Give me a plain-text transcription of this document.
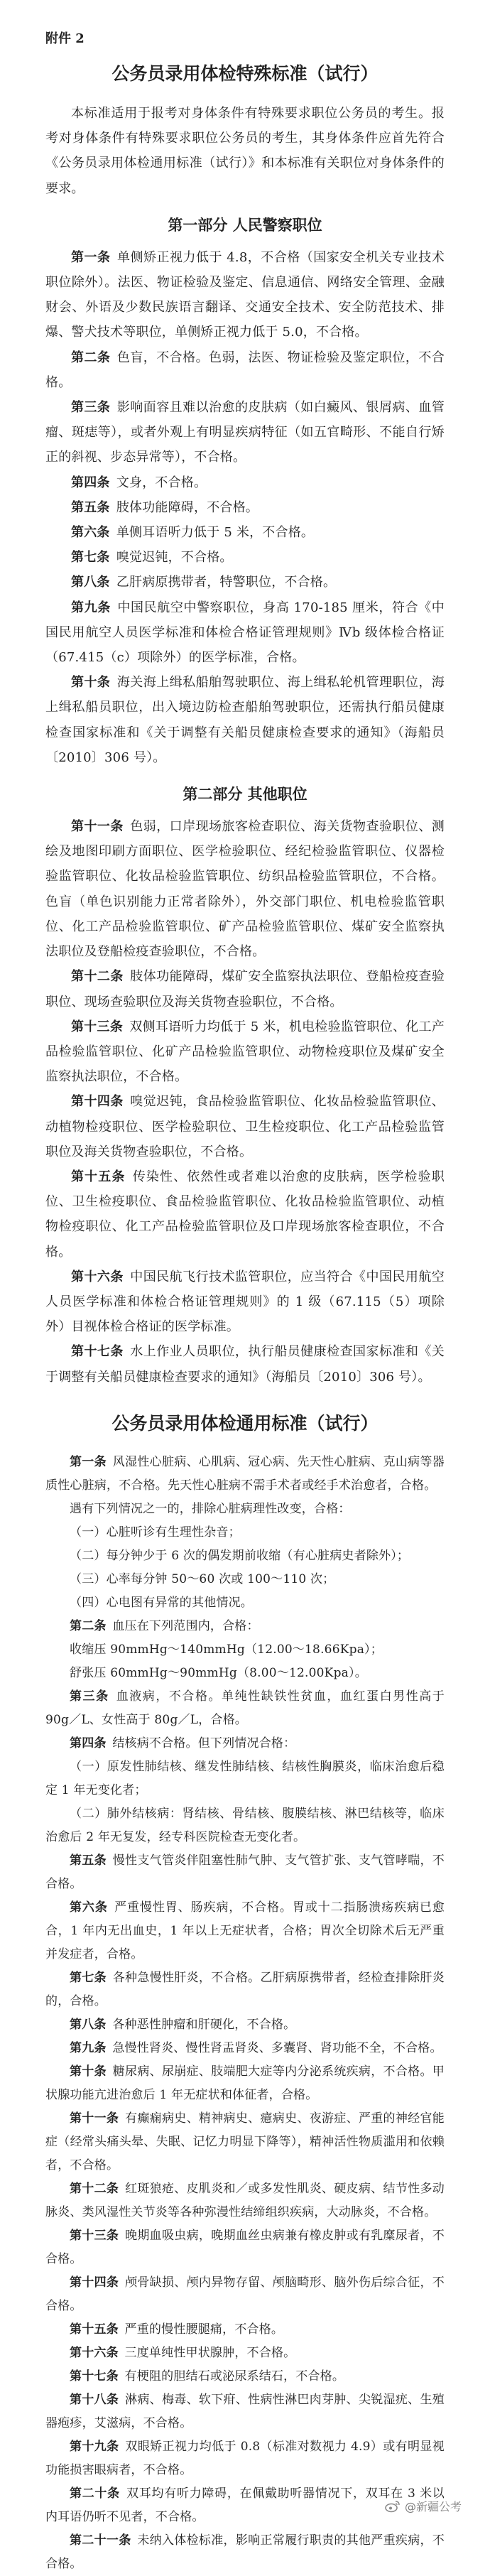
附件 2
公务员录用体检特殊标准（试行）

本标准适用于报考对身体条件有特殊要求职位公务员的考生。报考对身体条件有特殊要求职位公务员的考生，其身体条件应首先符合《公务员录用体检通用标准（试行）》和本标准有关职位对身体条件的要求。

第一部分 人民警察职位

第一条  单侧矫正视力低于 4.8，不合格（国家安全机关专业技术职位除外）。法医、物证检验及鉴定、信息通信、网络安全管理、金融财会、外语及少数民族语言翻译、交通安全技术、安全防范技术、排爆、警犬技术等职位，单侧矫正视力低于 5.0，不合格。

第二条  色盲，不合格。色弱，法医、物证检验及鉴定职位，不合格。

第三条  影响面容且难以治愈的皮肤病（如白癜风、银屑病、血管瘤、斑痣等），或者外观上有明显疾病特征（如五官畸形、不能自行矫正的斜视、步态异常等），不合格。

第四条  文身，不合格。

第五条  肢体功能障碍，不合格。

第六条  单侧耳语听力低于 5 米，不合格。

第七条  嗅觉迟钝，不合格。

第八条  乙肝病原携带者，特警职位，不合格。

第九条  中国民航空中警察职位，身高 170-185 厘米，符合《中国民用航空人员医学标准和体检合格证管理规则》Ⅳb 级体检合格证（67.415（c）项除外）的医学标准，合格。

第十条  海关海上缉私船舶驾驶职位、海上缉私轮机管理职位，海上缉私船员职位，出入境边防检查船舶驾驶职位，还需执行船员健康检查国家标准和《关于调整有关船员健康检查要求的通知》（海船员〔2010〕306 号）。

第二部分 其他职位

第十一条  色弱，口岸现场旅客检查职位、海关货物查验职位、测绘及地图印刷方面职位、医学检验职位、经纪检验监管职位、仪器检验监管职位、化妆品检验监管职位、纺织品检验监管职位，不合格。色盲（单色识别能力正常者除外），外交部门职位、机电检验监管职位、化工产品检验监管职位、矿产品检验监管职位、煤矿安全监察执法职位及登船检疫查验职位，不合格。

第十二条  肢体功能障碍，煤矿安全监察执法职位、登船检疫查验职位、现场查验职位及海关货物查验职位，不合格。

第十三条  双侧耳语听力均低于 5 米，机电检验监管职位、化工产品检验监管职位、化矿产品检验监管职位、动物检疫职位及煤矿安全监察执法职位，不合格。

第十四条  嗅觉迟钝，食品检验监管职位、化妆品检验监管职位、动植物检疫职位、医学检验职位、卫生检疫职位、化工产品检验监管职位及海关货物查验职位，不合格。

第十五条  传染性、依然性或者难以治愈的皮肤病，医学检验职位、卫生检疫职位、食品检验监管职位、化妆品检验监管职位、动植物检疫职位、化工产品检验监管职位及口岸现场旅客检查职位，不合格。

第十六条  中国民航飞行技术监管职位，应当符合《中国民用航空人员医学标准和体检合格证管理规则》的 1 级（67.115（5）项除外）目视体检合格证的医学标准。

第十七条  水上作业人员职位，执行船员健康检查国家标准和《关于调整有关船员健康检查要求的通知》（海船员〔2010〕306 号）。

公务员录用体检通用标准（试行）

第一条  风湿性心脏病、心肌病、冠心病、先天性心脏病、克山病等器质性心脏病，不合格。先天性心脏病不需手术者或经手术治愈者，合格。

遇有下列情况之一的，排除心脏病理性改变，合格：

（一）心脏听诊有生理性杂音；

（二）每分钟少于 6 次的偶发期前收缩（有心脏病史者除外）；

（三）心率每分钟 50～60 次或 100～110 次；

（四）心电图有异常的其他情况。

第二条  血压在下列范围内，合格：

收缩压 90mmHg～140mmHg（12.00～18.66Kpa）；

舒张压 60mmHg～90mmHg（8.00～12.00Kpa）。

第三条  血液病，不合格。单纯性缺铁性贫血，血红蛋白男性高于 90g／L、女性高于 80g／L，合格。

第四条  结核病不合格。但下列情况合格：

（一）原发性肺结核、继发性肺结核、结核性胸膜炎，临床治愈后稳定 1 年无变化者；

（二）肺外结核病：肾结核、骨结核、腹膜结核、淋巴结核等，临床治愈后 2 年无复发，经专科医院检查无变化者。

第五条  慢性支气管炎伴阻塞性肺气肿、支气管扩张、支气管哮喘，不合格。

第六条  严重慢性胃、肠疾病，不合格。胃或十二指肠溃疡疾病已愈合，1 年内无出血史，1 年以上无症状者，合格；胃次全切除术后无严重并发症者，合格。

第七条  各种急慢性肝炎，不合格。乙肝病原携带者，经检查排除肝炎的，合格。

第八条  各种恶性肿瘤和肝硬化，不合格。

第九条  急慢性肾炎、慢性肾盂肾炎、多囊肾、肾功能不全，不合格。

第十条  糖尿病、尿崩症、肢端肥大症等内分泌系统疾病，不合格。甲状腺功能亢进治愈后 1 年无症状和体征者，合格。

第十一条  有癫痫病史、精神病史、癔病史、夜游症、严重的神经官能症（经常头痛头晕、失眠、记忆力明显下降等），精神活性物质滥用和依赖者，不合格。

第十二条  红斑狼疮、皮肌炎和／或多发性肌炎、硬皮病、结节性多动脉炎、类风湿性关节炎等各种弥漫性结缔组织疾病，大动脉炎，不合格。

第十三条  晚期血吸虫病，晚期血丝虫病兼有橡皮肿或有乳糜尿者，不合格。

第十四条  颅骨缺损、颅内异物存留、颅脑畸形、脑外伤后综合征，不合格。

第十五条  严重的慢性腰腿痛，不合格。

第十六条  三度单纯性甲状腺肿，不合格。

第十七条  有梗阻的胆结石或泌尿系结石，不合格。

第十八条  淋病、梅毒、软下疳、性病性淋巴肉芽肿、尖锐湿疣、生殖器疱疹，艾滋病，不合格。

第十九条  双眼矫正视力均低于 0.8（标准对数视力 4.9）或有明显视功能损害眼病者，不合格。

第二十条  双耳均有听力障碍，在佩戴助听器情况下，双耳在 3 米以内耳语仍听不见者，不合格。

第二十一条  未纳入体检标准，影响正常履行职责的其他严重疾病，不合格。

@新疆公考
